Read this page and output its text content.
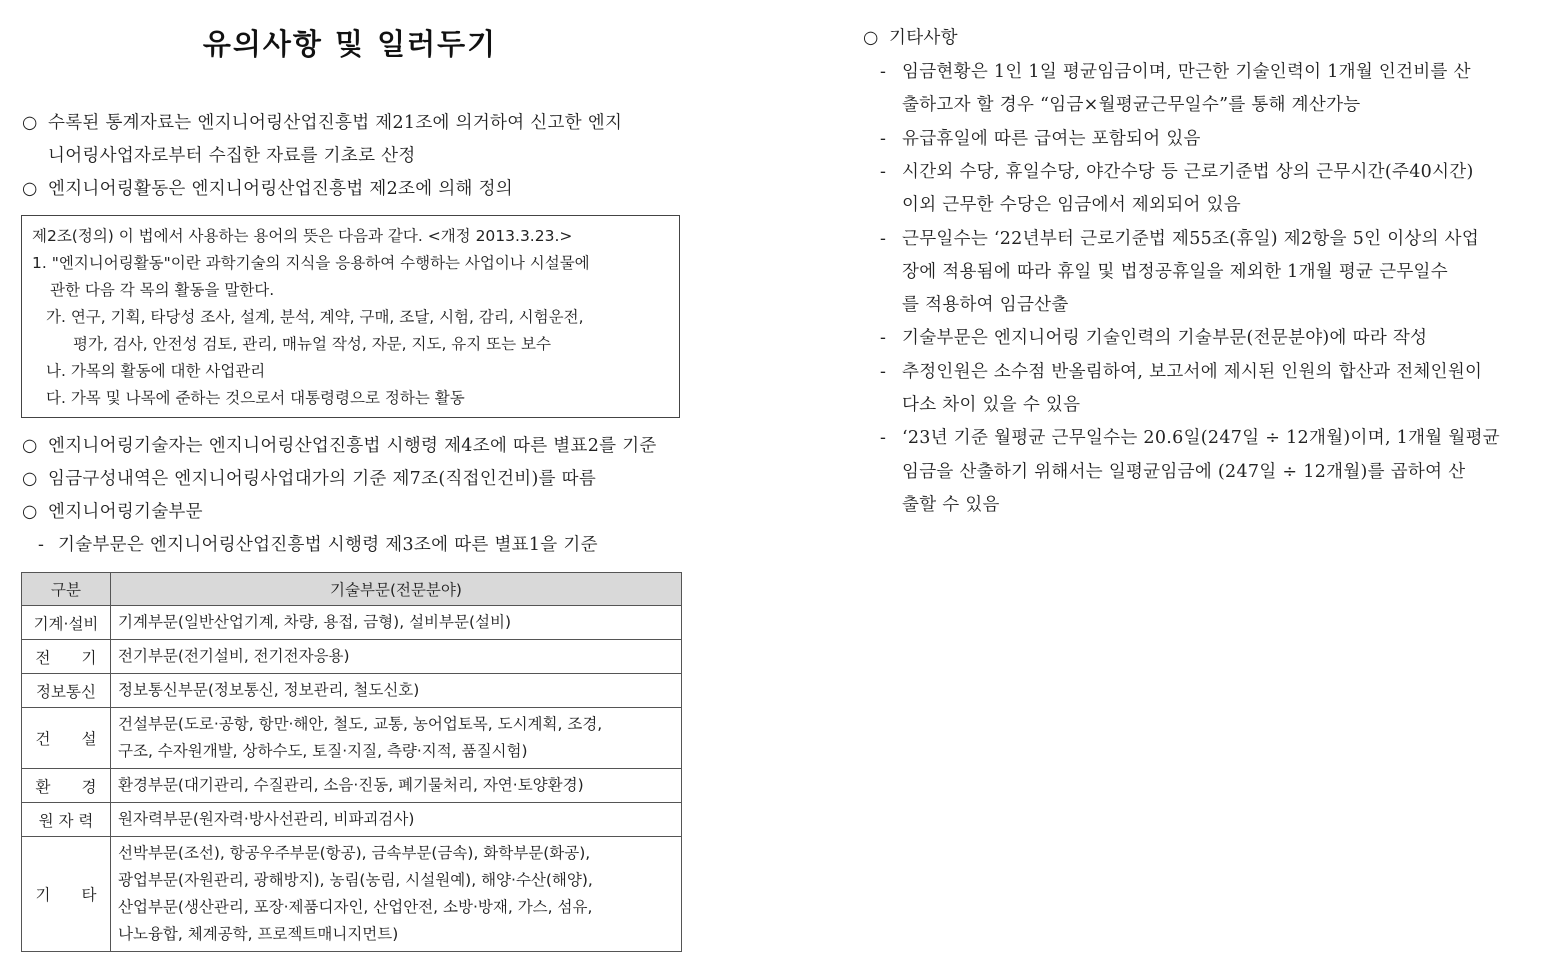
유의사항 및 일러두기
○ 수록된 통계자료는 엔지니어링산업진흥법 제21조에 의거하여 신고한 엔지
니어링사업자로부터 수집한 자료를 기초로 산정
○ 엔지니어링활동은 엔지니어링산업진흥법 제2조에 의해 정의
제2조(정의) 이 법에서 사용하는 용어의 뜻은 다음과 같다. <개정 2013.3.23.>
1. "엔지니어링활동"이란 과학기술의 지식을 응용하여 수행하는 사업이나 시설물에
관한 다음 각 목의 활동을 말한다.
가. 연구, 기획, 타당성 조사, 설계, 분석, 계약, 구매, 조달, 시험, 감리, 시험운전,
평가, 검사, 안전성 검토, 관리, 매뉴얼 작성, 자문, 지도, 유지 또는 보수
나. 가목의 활동에 대한 사업관리
다. 가목 및 나목에 준하는 것으로서 대통령령으로 정하는 활동
○ 엔지니어링기술자는 엔지니어링산업진흥법 시행령 제4조에 따른 별표2를 기준
○ 임금구성내역은 엔지니어링사업대가의 기준 제7조(직접인건비)를 따름
○ 엔지니어링기술부문
- 기술부문은 엔지니어링산업진흥법 시행령 제3조에 따른 별표1을 기준
구분	기술부문(전문분야)
기계·설비	기계부문(일반산업기계, 차량, 용접, 금형), 설비부문(설비)
전　　기	전기부문(전기설비, 전기전자응용)
정보통신	정보통신부문(정보통신, 정보관리, 철도신호)
건　　설	건설부문(도로·공항, 항만·해안, 철도, 교통, 농어업토목, 도시계획, 조경,
구조, 수자원개발, 상하수도, 토질·지질, 측량·지적, 품질시험)
환　　경	환경부문(대기관리, 수질관리, 소음·진동, 폐기물처리, 자연·토양환경)
원 자 력	원자력부문(원자력·방사선관리, 비파괴검사)
기　　타	선박부문(조선), 항공우주부문(항공), 금속부문(금속), 화학부문(화공),
광업부문(자원관리, 광해방지), 농림(농림, 시설원예), 해양·수산(해양),
산업부문(생산관리, 포장·제품디자인, 산업안전, 소방·방재, 가스, 섬유,
나노융합, 체계공학, 프로젝트매니지먼트)
○ 기타사항
- 임금현황은 1인 1일 평균임금이며, 만근한 기술인력이 1개월 인건비를 산
출하고자 할 경우 “임금×월평균근무일수”를 통해 계산가능
- 유급휴일에 따른 급여는 포함되어 있음
- 시간외 수당, 휴일수당, 야간수당 등 근로기준법 상의 근무시간(주40시간)
이외 근무한 수당은 임금에서 제외되어 있음
- 근무일수는 ‘22년부터 근로기준법 제55조(휴일) 제2항을 5인 이상의 사업
장에 적용됨에 따라 휴일 및 법정공휴일을 제외한 1개월 평균 근무일수
를 적용하여 임금산출
- 기술부문은 엔지니어링 기술인력의 기술부문(전문분야)에 따라 작성
- 추정인원은 소수점 반올림하여, 보고서에 제시된 인원의 합산과 전체인원이
다소 차이 있을 수 있음
- ‘23년 기준 월평균 근무일수는 20.6일(247일 ÷ 12개월)이며, 1개월 월평균
임금을 산출하기 위해서는 일평균임금에 (247일 ÷ 12개월)를 곱하여 산
출할 수 있음
